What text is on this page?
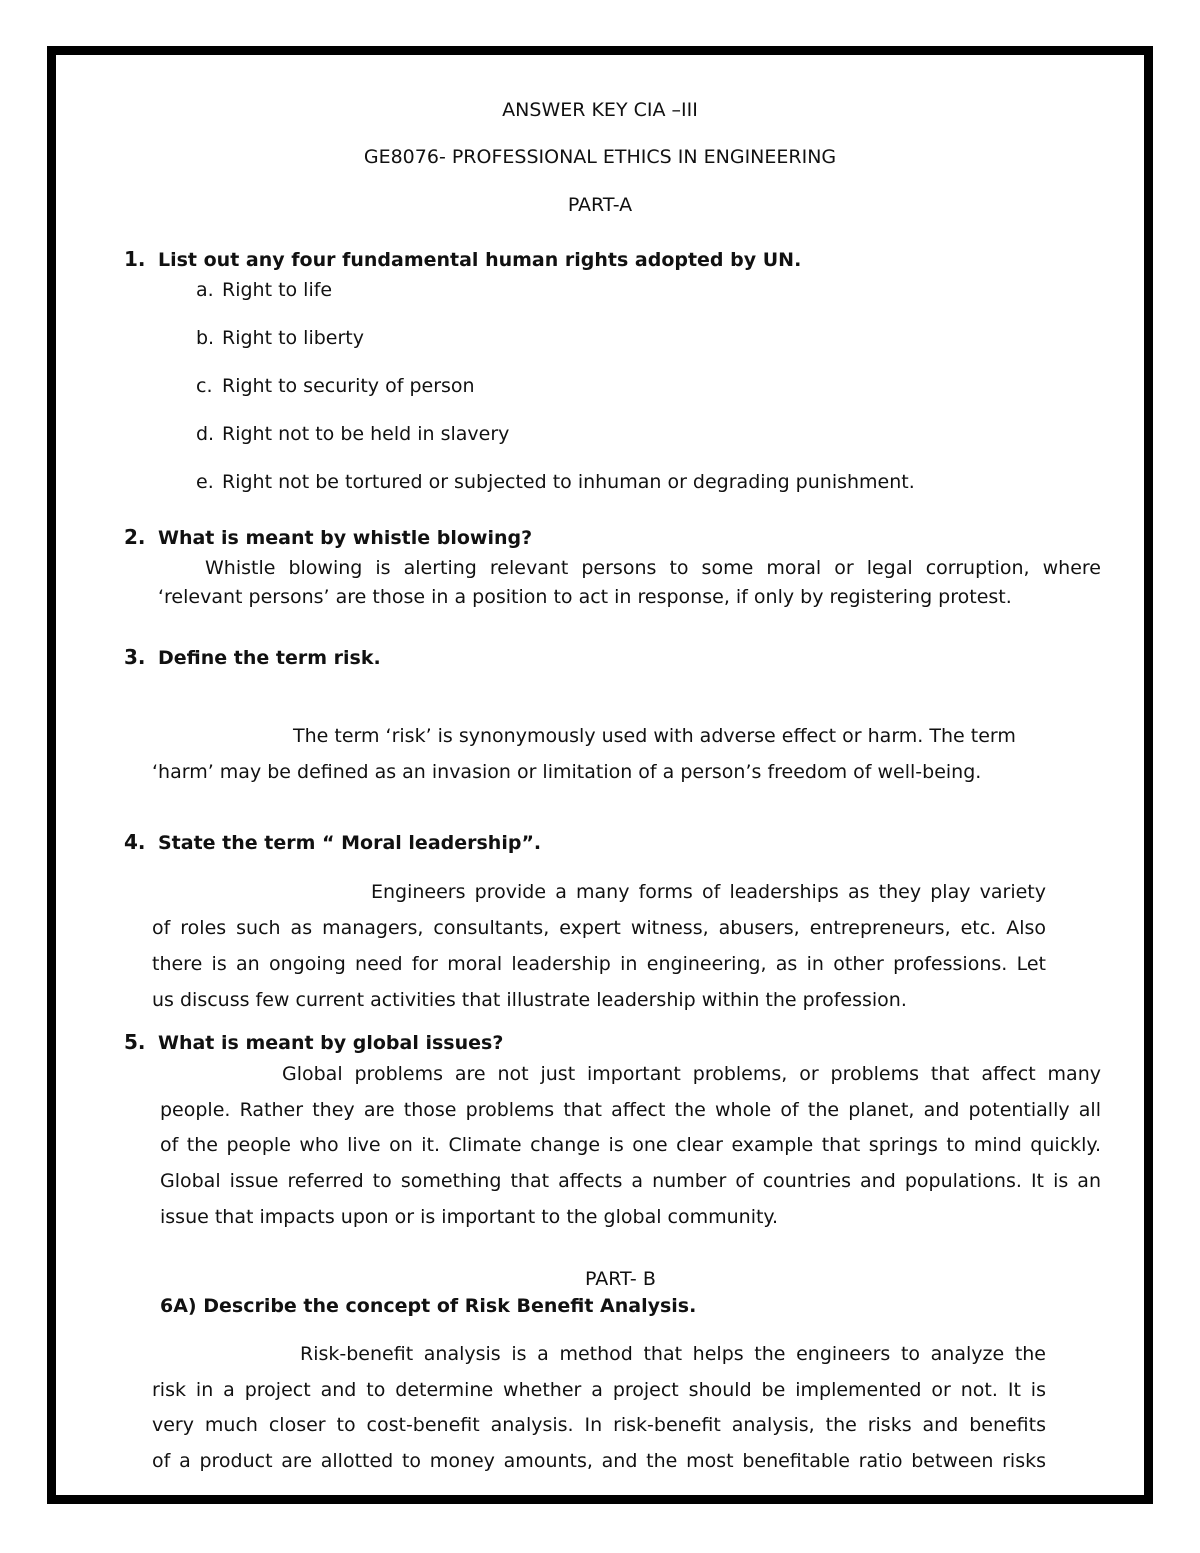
ANSWER KEY CIA –III

GE8076- PROFESSIONAL ETHICS IN ENGINEERING

PART-A

1. List out any four fundamental human rights adopted by UN.

a. Right to life

b. Right to liberty

c. Right to security of person

d. Right not to be held in slavery

e. Right not be tortured or subjected to inhuman or degrading punishment.

2. What is meant by whistle blowing?

Whistle blowing is alerting relevant persons to some moral or legal corruption, where

‘relevant persons’ are those in a position to act in response, if only by registering protest.

3. Define the term risk.

The term ‘risk’ is synonymously used with adverse effect or harm. The term

‘harm’ may be defined as an invasion or limitation of a person’s freedom of well-being.

4. State the term “ Moral leadership”.

Engineers provide a many forms of leaderships as they play variety

of roles such as managers, consultants, expert witness, abusers, entrepreneurs, etc. Also

there is an ongoing need for moral leadership in engineering, as in other professions. Let

us discuss few current activities that illustrate leadership within the profession.

5. What is meant by global issues?

Global problems are not just important problems, or problems that affect many

people. Rather they are those problems that affect the whole of the planet, and potentially all

of the people who live on it. Climate change is one clear example that springs to mind quickly.

Global issue referred to something that affects a number of countries and populations. It is an

issue that impacts upon or is important to the global community.

PART- B

6A) Describe the concept of Risk Benefit Analysis.

Risk-benefit analysis is a method that helps the engineers to analyze the

risk in a project and to determine whether a project should be implemented or not. It is

very much closer to cost-benefit analysis. In risk-benefit analysis, the risks and benefits

of a product are allotted to money amounts, and the most benefitable ratio between risks
